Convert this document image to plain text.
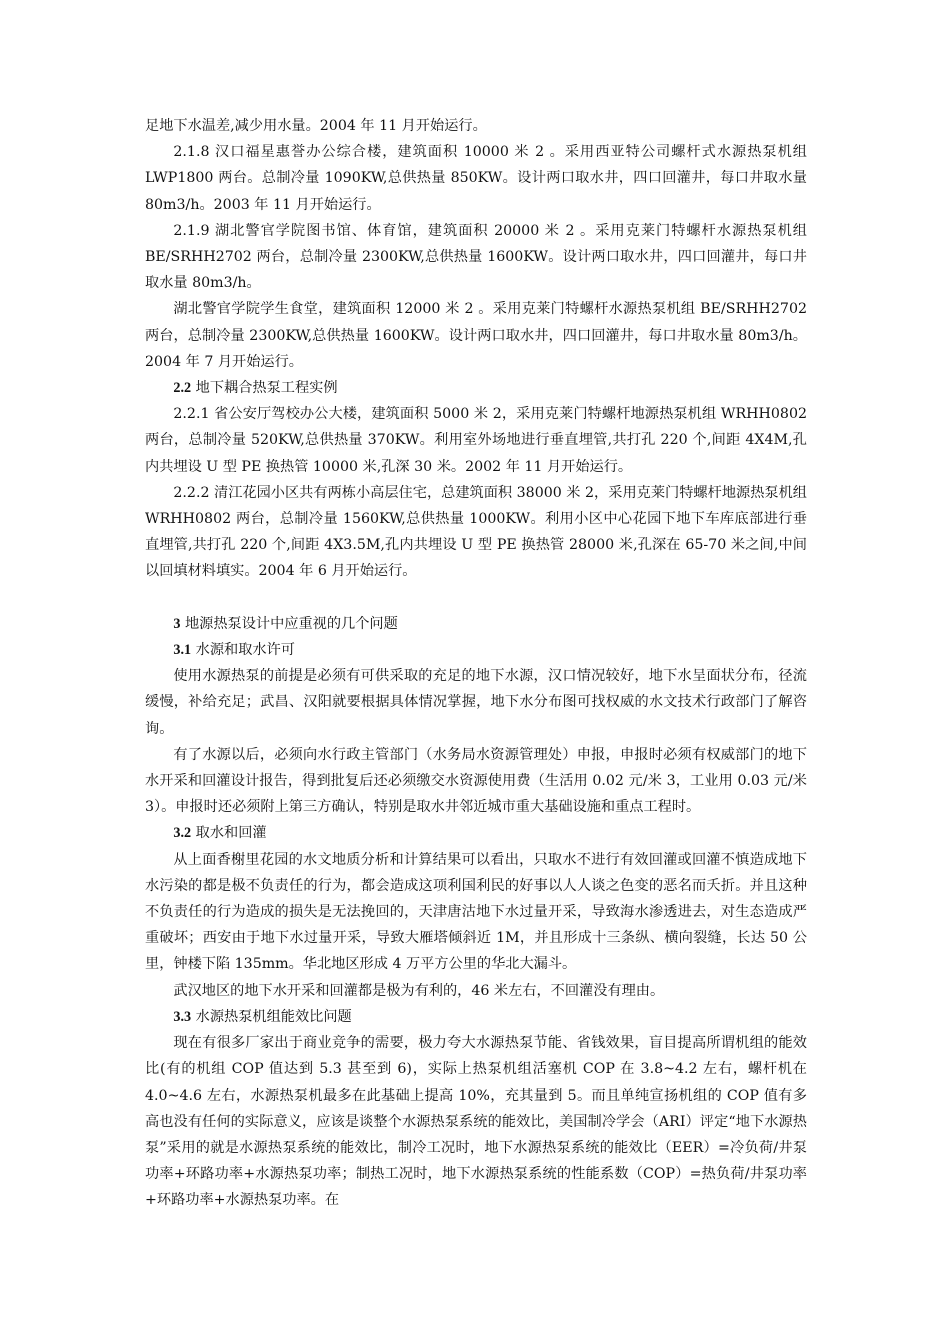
足地下水温差,减少用水量。2004 年 11 月开始运行。

2.1.8 汉口福星惠誉办公综合楼，建筑面积 10000 米 2 。采用西亚特公司螺杆式水源热泵机组 LWP1800 两台。总制冷量 1090KW,总供热量 850KW。设计两口取水井，四口回灌井，每口井取水量 80m3/h。2003 年 11 月开始运行。

2.1.9 湖北警官学院图书馆、体育馆，建筑面积 20000 米 2 。采用克莱门特螺杆水源热泵机组 BE/SRHH2702 两台，总制冷量 2300KW,总供热量 1600KW。设计两口取水井，四口回灌井，每口井取水量 80m3/h。

湖北警官学院学生食堂，建筑面积 12000 米 2 。采用克莱门特螺杆水源热泵机组 BE/SRHH2702 两台，总制冷量 2300KW,总供热量 1600KW。设计两口取水井，四口回灌井，每口井取水量 80m3/h。2004 年 7 月开始运行。

2.2 地下耦合热泵工程实例

2.2.1 省公安厅驾校办公大楼，建筑面积 5000 米 2，采用克莱门特螺杆地源热泵机组 WRHH0802 两台，总制冷量 520KW,总供热量 370KW。利用室外场地进行垂直埋管,共打孔 220 个,间距 4X4M,孔内共埋设 U 型 PE 换热管 10000 米,孔深 30 米。2002 年 11 月开始运行。

2.2.2 清江花园小区共有两栋小高层住宅，总建筑面积 38000 米 2，采用克莱门特螺杆地源热泵机组 WRHH0802 两台，总制冷量 1560KW,总供热量 1000KW。利用小区中心花园下地下车库底部进行垂直埋管,共打孔 220 个,间距 4X3.5M,孔内共埋设 U 型 PE 换热管 28000 米,孔深在 65-70 米之间,中间以回填材料填实。2004 年 6 月开始运行。

3 地源热泵设计中应重视的几个问题

3.1 水源和取水许可

使用水源热泵的前提是必须有可供采取的充足的地下水源，汉口情况较好，地下水呈面状分布，径流缓慢，补给充足；武昌、汉阳就要根据具体情况掌握，地下水分布图可找权威的水文技术行政部门了解咨询。

有了水源以后，必须向水行政主管部门（水务局水资源管理处）申报，申报时必须有权威部门的地下水开采和回灌设计报告，得到批复后还必须缴交水资源使用费（生活用 0.02 元/米 3，工业用 0.03 元/米 3）。申报时还必须附上第三方确认，特别是取水井邻近城市重大基础设施和重点工程时。

3.2 取水和回灌

从上面香榭里花园的水文地质分析和计算结果可以看出，只取水不进行有效回灌或回灌不慎造成地下水污染的都是极不负责任的行为，都会造成这项利国利民的好事以人人谈之色变的恶名而夭折。并且这种不负责任的行为造成的损失是无法挽回的，天津唐沽地下水过量开采，导致海水渗透进去，对生态造成严重破坏；西安由于地下水过量开采，导致大雁塔倾斜近 1M，并且形成十三条纵、横向裂缝，长达 50 公里，钟楼下陷 135mm。华北地区形成 4 万平方公里的华北大漏斗。

武汉地区的地下水开采和回灌都是极为有利的，46 米左右，不回灌没有理由。

3.3 水源热泵机组能效比问题

现在有很多厂家出于商业竞争的需要，极力夸大水源热泵节能、省钱效果，盲目提高所谓机组的能效比(有的机组 COP 值达到 5.3 甚至到 6)，实际上热泵机组活塞机 COP 在 3.8~4.2 左右，螺杆机在 4.0~4.6 左右，水源热泵机最多在此基础上提高 10%，充其量到 5。而且单纯宣扬机组的 COP 值有多高也没有任何的实际意义，应该是谈整个水源热泵系统的能效比，美国制冷学会（ARI）评定“地下水源热泵”采用的就是水源热泵系统的能效比，制冷工况时，地下水源热泵系统的能效比（EER）=冷负荷/井泵功率+环路功率+水源热泵功率；制热工况时，地下水源热泵系统的性能系数（COP）=热负荷/井泵功率+环路功率+水源热泵功率。在
